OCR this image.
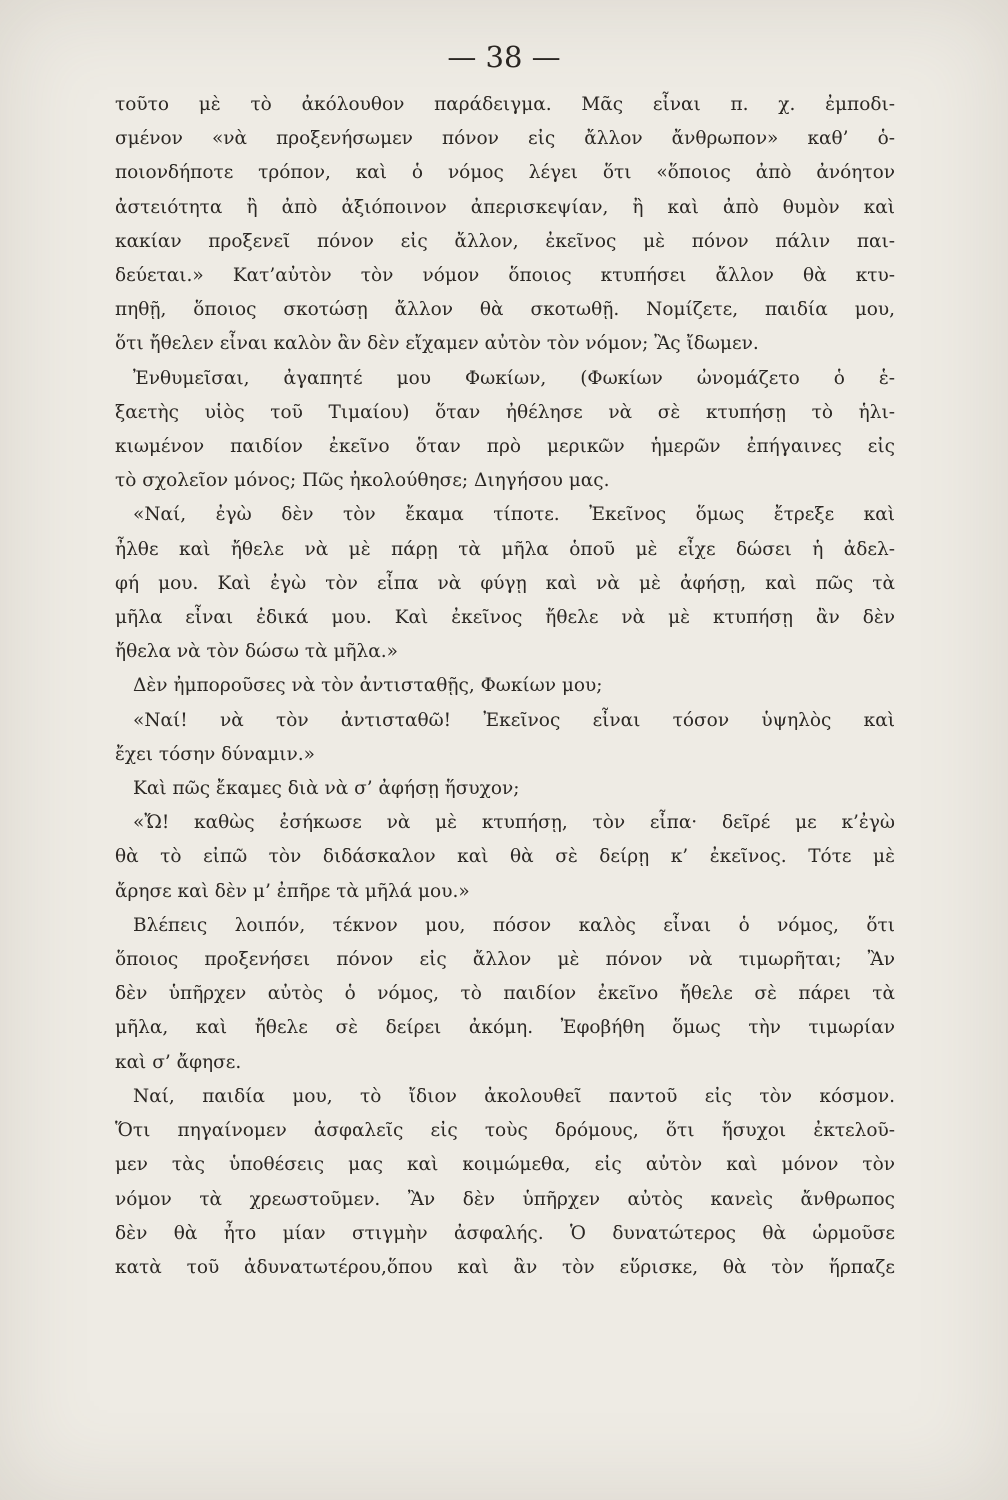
— 38 —
τοῦτο μὲ τὸ ἀκόλουθον παράδειγμα. Μᾶς εἶναι π. χ. ἐμποδι-
σμένον «νὰ προξενήσωμεν πόνον εἰς ἄλλον ἄνθρωπον» καθ’ ὁ-
ποιονδήποτε τρόπον, καὶ ὁ νόμος λέγει ὅτι «ὅποιος ἀπὸ ἀνόητον
ἀστειότητα ἢ ἀπὸ ἀξιόποινον ἀπερισκεψίαν, ἢ καὶ ἀπὸ θυμὸν καὶ
κακίαν προξενεῖ πόνον εἰς ἄλλον, ἐκεῖνος μὲ πόνον πάλιν παι-
δεύεται.» Κατ’αὐτὸν τὸν νόμον ὅποιος κτυπήσει ἄλλον θὰ κτυ-
πηθῇ, ὅποιος σκοτώσῃ ἄλλον θὰ σκοτωθῇ. Νομίζετε, παιδία μου,
ὅτι ἤθελεν εἶναι καλὸν ἂν δὲν εἴχαμεν αὐτὸν τὸν νόμον; Ἂς ἴδωμεν.
Ἐνθυμεῖσαι, ἀγαπητέ μου Φωκίων, (Φωκίων ὠνομάζετο ὁ ἑ-
ξαετὴς υἱὸς τοῦ Τιμαίου) ὅταν ἠθέλησε νὰ σὲ κτυπήσῃ τὸ ἡλι-
κιωμένον παιδίον ἐκεῖνο ὅταν πρὸ μερικῶν ἡμερῶν ἐπήγαινες εἰς
τὸ σχολεῖον μόνος; Πῶς ἠκολούθησε; Διηγήσου μας.
«Ναί, ἐγὼ δὲν τὸν ἔκαμα τίποτε. Ἐκεῖνος ὅμως ἔτρεξε καὶ
ἦλθε καὶ ἤθελε νὰ μὲ πάρῃ τὰ μῆλα ὁποῦ μὲ εἶχε δώσει ἡ ἀδελ-
φή μου. Καὶ ἐγὼ τὸν εἶπα νὰ φύγῃ καὶ νὰ μὲ ἀφήσῃ, καὶ πῶς τὰ
μῆλα εἶναι ἐδικά μου. Καὶ ἐκεῖνος ἤθελε νὰ μὲ κτυπήσῃ ἂν δὲν
ἤθελα νὰ τὸν δώσω τὰ μῆλα.»
Δὲν ἠμποροῦσες νὰ τὸν ἀντισταθῇς, Φωκίων μου;
«Ναί! νὰ τὸν ἀντισταθῶ! Ἐκεῖνος εἶναι τόσον ὑψηλὸς καὶ
ἔχει τόσην δύναμιν.»
Καὶ πῶς ἔκαμες διὰ νὰ σ’ ἀφήσῃ ἥσυχον;
«Ὤ! καθὼς ἐσήκωσε νὰ μὲ κτυπήσῃ, τὸν εἶπα· δεῖρέ με κ’ἐγὼ
θὰ τὸ εἰπῶ τὸν διδάσκαλον καὶ θὰ σὲ δείρῃ κ’ ἐκεῖνος. Τότε μὲ
ἄρησε καὶ δὲν μ’ ἐπῆρε τὰ μῆλά μου.»
Βλέπεις λοιπόν, τέκνον μου, πόσον καλὸς εἶναι ὁ νόμος, ὅτι
ὅποιος προξενήσει πόνον εἰς ἄλλον μὲ πόνον νὰ τιμωρῆται; Ἂν
δὲν ὑπῆρχεν αὐτὸς ὁ νόμος, τὸ παιδίον ἐκεῖνο ἤθελε σὲ πάρει τὰ
μῆλα, καὶ ἤθελε σὲ δείρει ἀκόμη. Ἐφοβήθη ὅμως τὴν τιμωρίαν
καὶ σ’ ἄφησε.
Ναί, παιδία μου, τὸ ἴδιον ἀκολουθεῖ παντοῦ εἰς τὸν κόσμον.
Ὅτι πηγαίνομεν ἀσφαλεῖς εἰς τοὺς δρόμους, ὅτι ἥσυχοι ἐκτελοῦ-
μεν τὰς ὑποθέσεις μας καὶ κοιμώμεθα, εἰς αὐτὸν καὶ μόνον τὸν
νόμον τὰ χρεωστοῦμεν. Ἂν δὲν ὑπῆρχεν αὐτὸς κανεὶς ἄνθρωπος
δὲν θὰ ἦτο μίαν στιγμὴν ἀσφαλής. Ὁ δυνατώτερος θὰ ὡρμοῦσε
κατὰ τοῦ ἀδυνατωτέρου,ὅπου καὶ ἂν τὸν εὕρισκε, θὰ τὸν ἥρπαζε
